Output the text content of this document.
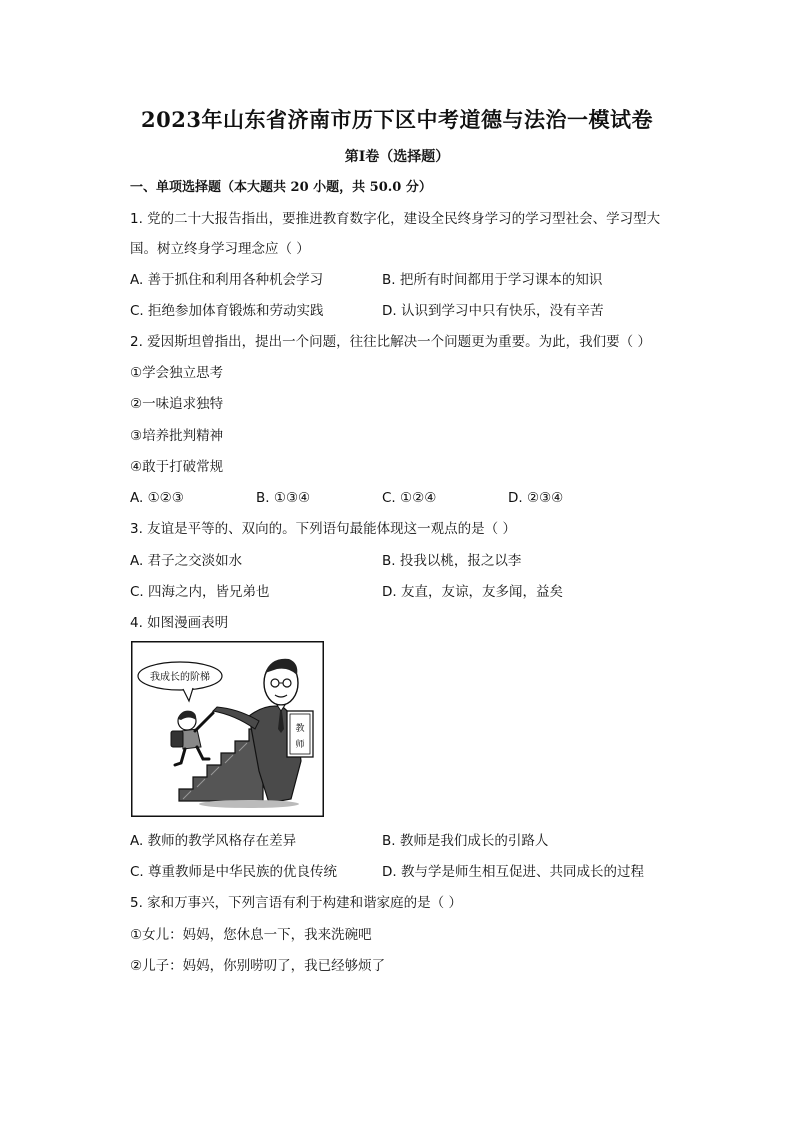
2023年山东省济南市历下区中考道德与法治一模试卷
第Ⅰ卷（选择题）
一、单项选择题（本大题共 20 小题，共 50.0 分）
1. 党的二十大报告指出，要推进教育数字化，建设全民终身学习的学习型社会、学习型大
国。树立终身学习理念应（ ）
A. 善于抓住和利用各种机会学习	B. 把所有时间都用于学习课本的知识
C. 拒绝参加体育锻炼和劳动实践	D. 认识到学习中只有快乐，没有辛苦
2. 爱因斯坦曾指出，提出一个问题，往往比解决一个问题更为重要。为此，我们要（ ）
①学会独立思考
②一味追求独特
③培养批判精神
④敢于打破常规
A. ①②③	B. ①③④	C. ①②④	D. ②③④
3. 友谊是平等的、双向的。下列语句最能体现这一观点的是（ ）
A. 君子之交淡如水	B. 投我以桃，报之以李
C. 四海之内，皆兄弟也	D. 友直，友谅，友多闻，益矣
4. 如图漫画表明
我成长的阶梯
教
师
A. 教师的教学风格存在差异	B. 教师是我们成长的引路人
C. 尊重教师是中华民族的优良传统	D. 教与学是师生相互促进、共同成长的过程
5. 家和万事兴，下列言语有利于构建和谐家庭的是（ ）
①女儿：妈妈，您休息一下，我来洗碗吧
②儿子：妈妈，你别唠叨了，我已经够烦了
